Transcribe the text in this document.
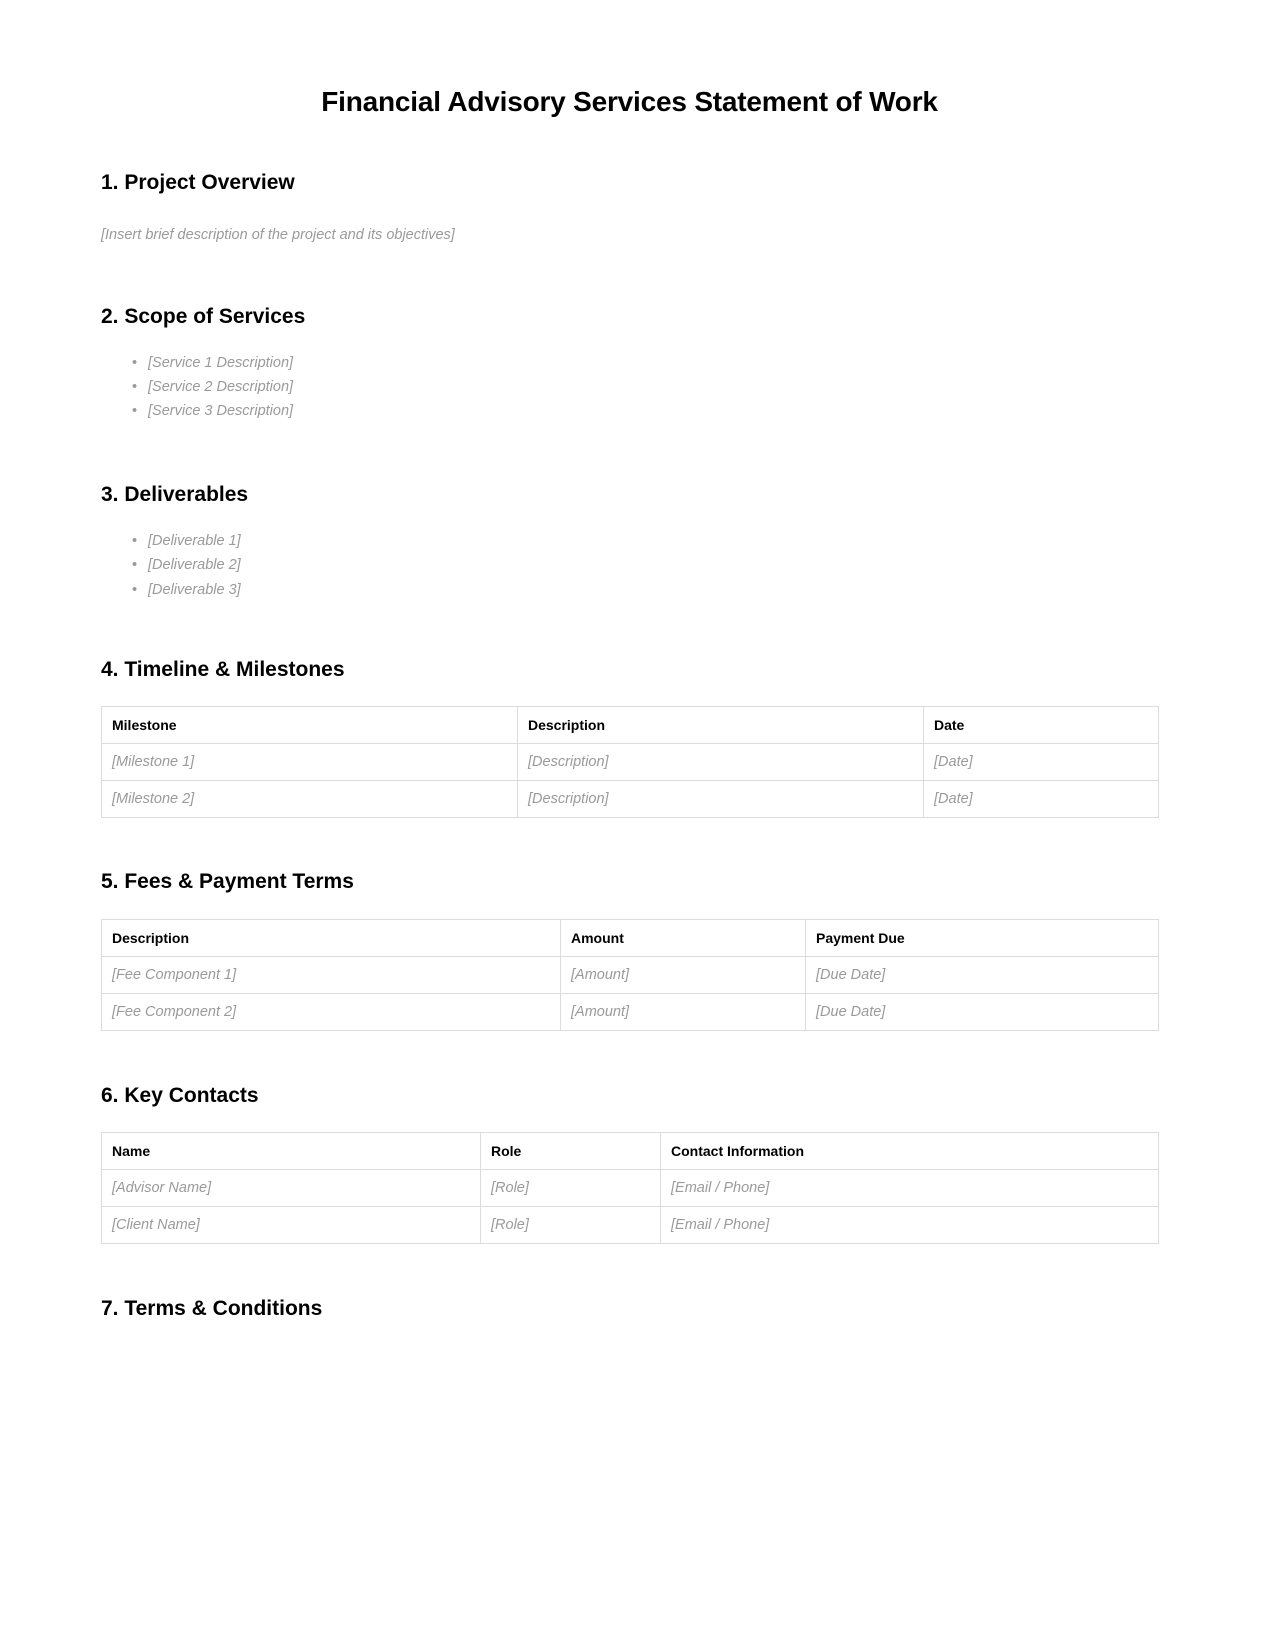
Financial Advisory Services Statement of Work
1. Project Overview

[Insert brief description of the project and its objectives]

2. Scope of Services
• [Service 1 Description]
• [Service 2 Description]
• [Service 3 Description]
3. Deliverables
• [Deliverable 1]
• [Deliverable 2]
• [Deliverable 3]
4. Timeline & Milestones
Milestone	Description	Date
[Milestone 1]	[Description]	[Date]
[Milestone 2]	[Description]	[Date]
5. Fees & Payment Terms
Description	Amount	Payment Due
[Fee Component 1]	[Amount]	[Due Date]
[Fee Component 2]	[Amount]	[Due Date]
6. Key Contacts
Name	Role	Contact Information
[Advisor Name]	[Role]	[Email / Phone]
[Client Name]	[Role]	[Email / Phone]
7. Terms & Conditions
